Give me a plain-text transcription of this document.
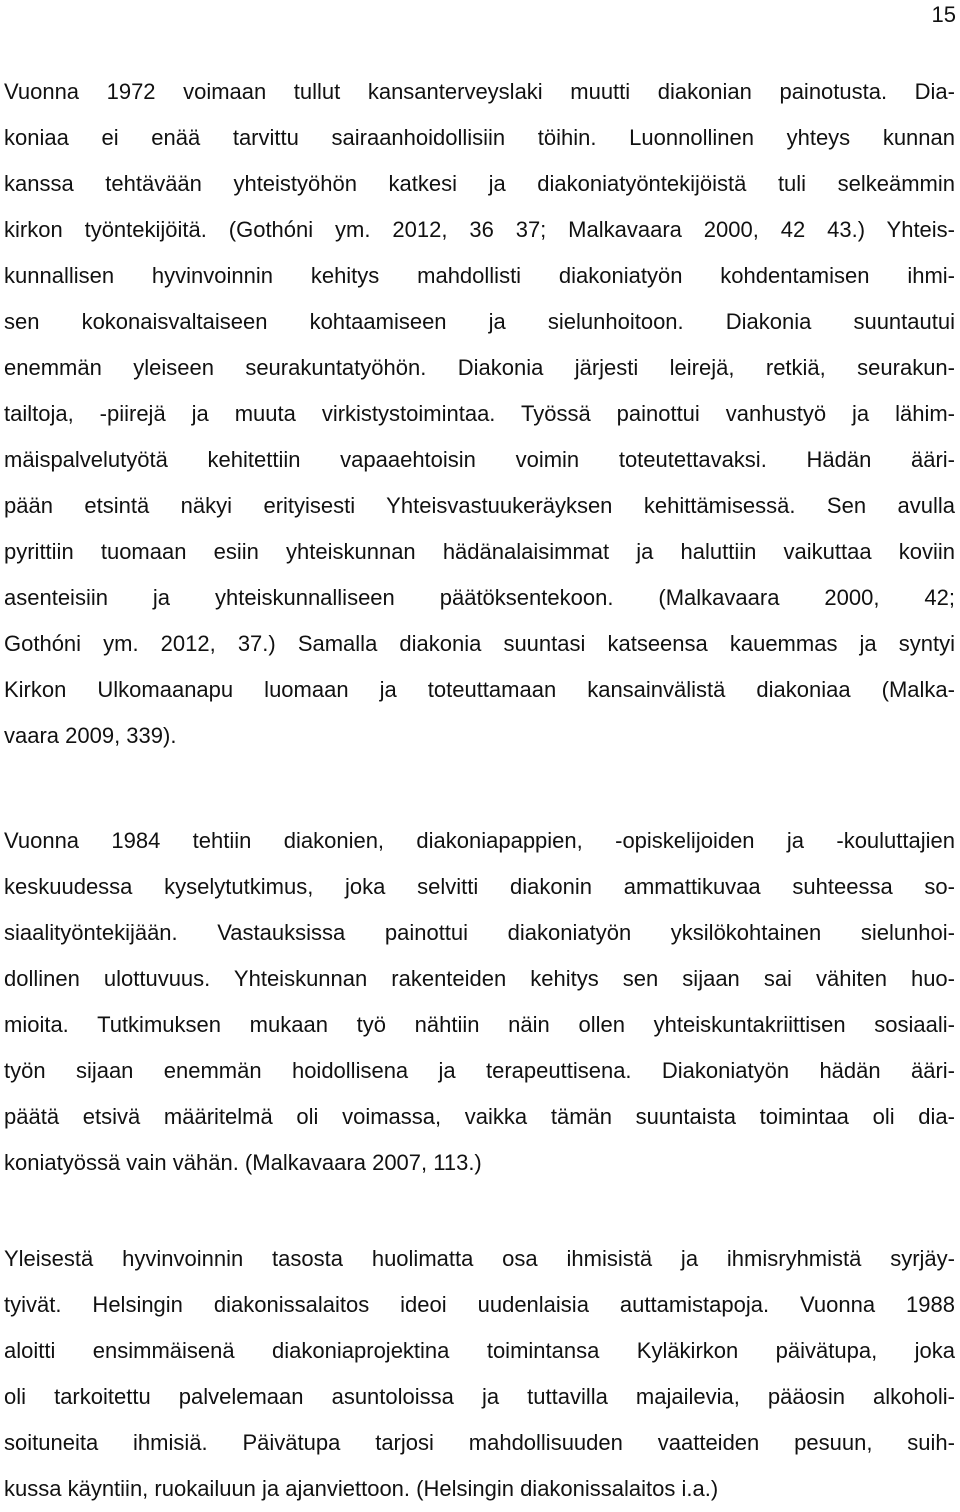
15
Vuonna 1972 voimaan tullut kansanterveyslaki muutti diakonian painotusta. Dia-
koniaa ei enää tarvittu sairaanhoidollisiin töihin. Luonnollinen yhteys kunnan
kanssa tehtävään yhteistyöhön katkesi ja diakoniatyöntekijöistä tuli selkeämmin
kirkon työntekijöitä. (Gothóni ym. 2012, 36 37; Malkavaara 2000, 42 43.) Yhteis-
kunnallisen hyvinvoinnin kehitys mahdollisti diakoniatyön kohdentamisen ihmi-
sen kokonaisvaltaiseen kohtaamiseen ja sielunhoitoon. Diakonia suuntautui
enemmän yleiseen seurakuntatyöhön. Diakonia järjesti leirejä, retkiä, seurakun-
tailtoja, -piirejä ja muuta virkistystoimintaa. Työssä painottui vanhustyö ja lähim-
mäispalvelutyötä kehitettiin vapaaehtoisin voimin toteutettavaksi. Hädän ääri-
pään etsintä näkyi erityisesti Yhteisvastuukeräyksen kehittämisessä. Sen avulla
pyrittiin tuomaan esiin yhteiskunnan hädänalaisimmat ja haluttiin vaikuttaa koviin
asenteisiin ja yhteiskunnalliseen päätöksentekoon. (Malkavaara 2000, 42;
Gothóni ym. 2012, 37.) Samalla diakonia suuntasi katseensa kauemmas ja syntyi
Kirkon Ulkomaanapu luomaan ja toteuttamaan kansainvälistä diakoniaa (Malka-
vaara 2009, 339).
Vuonna 1984 tehtiin diakonien, diakoniapappien, -opiskelijoiden ja -kouluttajien
keskuudessa kyselytutkimus, joka selvitti diakonin ammattikuvaa suhteessa so-
siaalityöntekijään. Vastauksissa painottui diakoniatyön yksilökohtainen sielunhoi-
dollinen ulottuvuus. Yhteiskunnan rakenteiden kehitys sen sijaan sai vähiten huo-
mioita. Tutkimuksen mukaan työ nähtiin näin ollen yhteiskuntakriittisen sosiaali-
työn sijaan enemmän hoidollisena ja terapeuttisena. Diakoniatyön hädän ääri-
päätä etsivä määritelmä oli voimassa, vaikka tämän suuntaista toimintaa oli dia-
koniatyössä vain vähän. (Malkavaara 2007, 113.)
Yleisestä hyvinvoinnin tasosta huolimatta osa ihmisistä ja ihmisryhmistä syrjäy-
tyivät. Helsingin diakonissalaitos ideoi uudenlaisia auttamistapoja. Vuonna 1988
aloitti ensimmäisenä diakoniaprojektina toimintansa Kyläkirkon päivätupa, joka
oli tarkoitettu palvelemaan asuntoloissa ja tuttavilla majailevia, pääosin alkoholi-
soituneita ihmisiä. Päivätupa tarjosi mahdollisuuden vaatteiden pesuun, suih-
kussa käyntiin, ruokailuun ja ajanviettoon. (Helsingin diakonissalaitos i.a.)
